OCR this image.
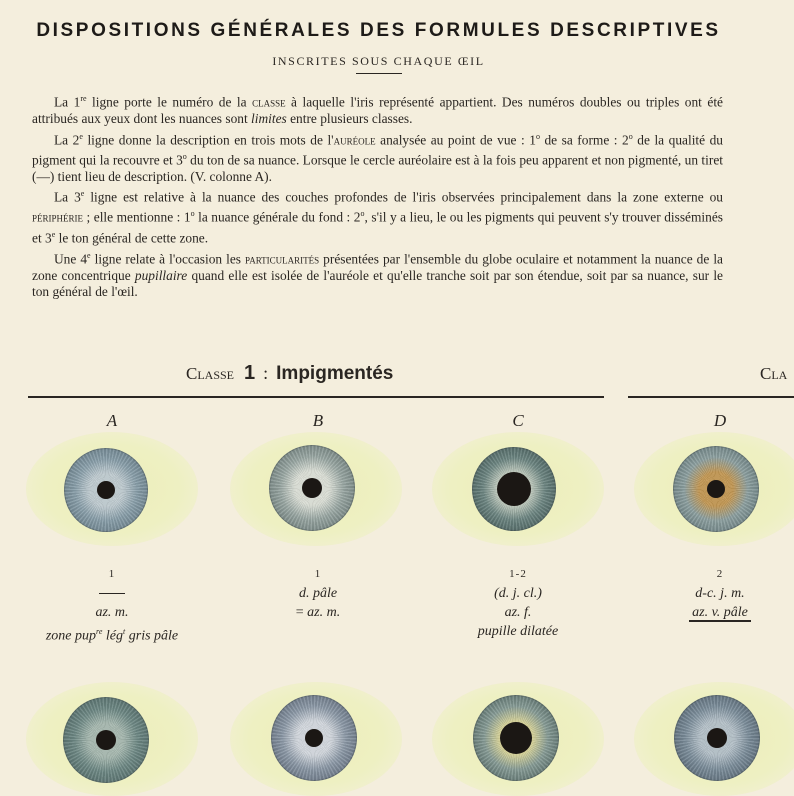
DISPOSITIONS GÉNÉRALES DES FORMULES DESCRIPTIVES
INSCRITES SOUS CHAQUE ŒIL

La 1re ligne porte le numéro de la classe à laquelle l'iris représenté appartient. Des numéros doubles ou triples ont été attribués aux yeux dont les nuances sont limites entre plusieurs classes.

La 2e ligne donne la description en trois mots de l'auréole analysée au point de vue : 1$^o$ de sa forme : 2$^o$ de la qualité du pigment qui la recouvre et 3$^o$ du ton de sa nuance. Lorsque le cercle auréolaire est à la fois peu apparent et non pigmenté, un tiret (—) tient lieu de description. (V. colonne A).

La 3e ligne est relative à la nuance des couches profondes de l'iris observées principalement dans la zone externe ou périphérie ; elle mentionne : 1$^o$ la nuance générale du fond : 2$^o$, s'il y a lieu, le ou les pigments qui peuvent s'y trouver disséminés et 3e le ton général de cette zone.

Une 4e ligne relate à l'occasion les particularités présentées par l'ensemble du globe oculaire et notamment la nuance de la zone concentrique pupillaire quand elle est isolée de l'auréole et qu'elle tranche soit par son étendue, soit par sa nuance, sur le ton général de l'œil.

Classe 1 : Impigmentés	Cla
A	B	C	D
1
az. m.
zone pup$^{re}$ lég$^t$ gris pâle
1
d. pâle
= az. m.
1-2
(d. j. cl.)
az. f.
pupille dilatée
2
d-c. j. m.
az. v. pâle
